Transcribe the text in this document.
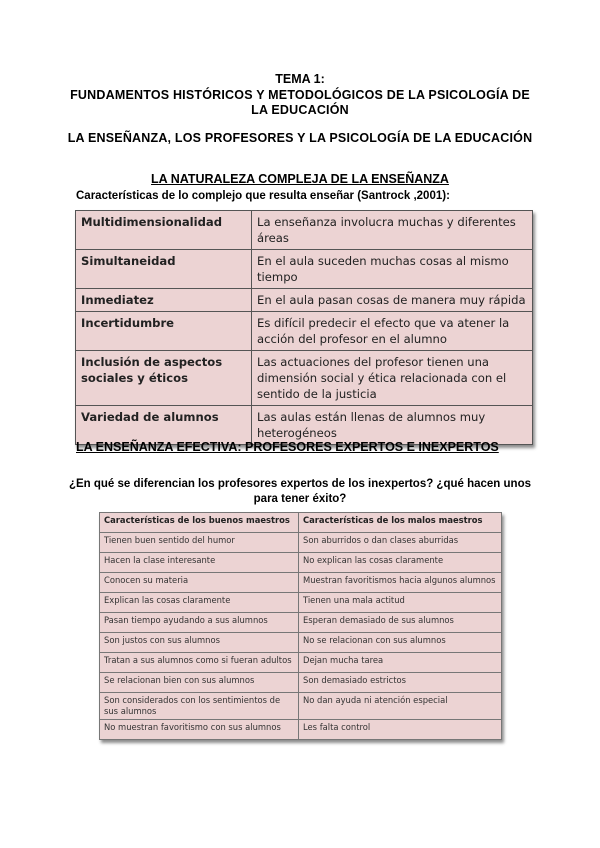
TEMA 1:
FUNDAMENTOS HISTÓRICOS Y METODOLÓGICOS DE LA PSICOLOGÍA DE LA EDUCACIÓN
LA ENSEÑANZA, LOS PROFESORES Y LA PSICOLOGÍA DE LA EDUCACIÓN
LA NATURALEZA COMPLEJA DE LA ENSEÑANZA
Características de lo complejo que resulta enseñar (Santrock ,2001):
Multidimensionalidad	La enseñanza involucra muchas y diferentes áreas
Simultaneidad	En el aula suceden muchas cosas al mismo tiempo
Inmediatez	En el aula pasan cosas de manera muy rápida
Incertidumbre	Es difícil predecir el efecto que va atener la acción del profesor en el alumno
Inclusión de aspectos sociales y éticos	Las actuaciones del profesor tienen una dimensión social y ética relacionada con el sentido de la justicia
Variedad de alumnos	Las aulas están llenas de alumnos muy heterogéneos
LA ENSEÑANZA EFECTIVA: PROFESORES EXPERTOS E INEXPERTOS
¿En qué se diferencian los profesores expertos de los inexpertos? ¿qué hacen unos para tener éxito?
Características de los buenos maestros	Características de los malos maestros
Tienen buen sentido del humor	Son aburridos o dan clases aburridas
Hacen la clase interesante	No explican las cosas claramente
Conocen su materia	Muestran favoritismos hacia algunos alumnos
Explican las cosas claramente	Tienen una mala actitud
Pasan tiempo ayudando a sus alumnos	Esperan demasiado de sus alumnos
Son justos con sus alumnos	No se relacionan con sus alumnos
Tratan a sus alumnos como si fueran adultos	Dejan mucha tarea
Se relacionan bien con sus alumnos	Son demasiado estrictos
Son considerados con los sentimientos de sus alumnos	No dan ayuda ni atención especial
No muestran favoritismo con sus alumnos	Les falta control
